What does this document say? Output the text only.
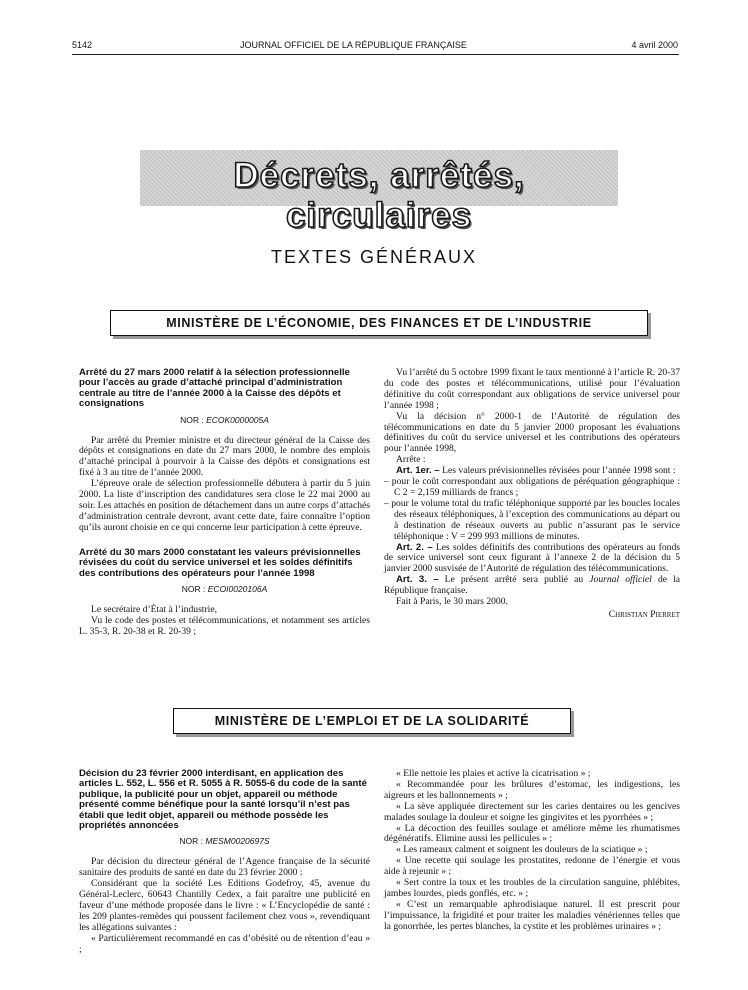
5142	JOURNAL OFFICIEL DE LA RÉPUBLIQUE FRANÇAISE	4 avril 2000
Décrets, arrêtés, circulaires
TEXTES GÉNÉRAUX
MINISTÈRE DE L’ÉCONOMIE, DES FINANCES ET DE L’INDUSTRIE
Arrêté du 27 mars 2000 relatif à la sélection professionnelle pour l’accès au grade d’attaché principal d’administration centrale au titre de l’année 2000 à la Caisse des dépôts et consignations
NOR : ECOK0000005A

Par arrêté du Premier ministre et du directeur général de la Caisse des dépôts et consignations en date du 27 mars 2000, le nombre des emplois d’attaché principal à pourvoir à la Caisse des dépôts et consignations est fixé à 3 au titre de l’année 2000.

L’épreuve orale de sélection professionnelle débutera à partir du 5 juin 2000. La liste d’inscription des candidatures sera close le 22 mai 2000 au soir. Les attachés en position de détachement dans un autre corps d’attachés d’administration centrale devront, avant cette date, faire connaître l’option qu’ils auront choisie en ce qui concerne leur participation à cette épreuve.

Arrêté du 30 mars 2000 constatant les valeurs prévisionnelles révisées du coût du service universel et les soldes définitifs des contributions des opérateurs pour l’année 1998
NOR : ECOI0020106A

Le secrétaire d’État à l’industrie,

Vu le code des postes et télécommunications, et notamment ses articles L. 35-3, R. 20-38 et R. 20-39 ;

Vu l’arrêté du 5 octobre 1999 fixant le taux mentionné à l’article R. 20-37 du code des postes et télécommunications, utilisé pour l’évaluation définitive du coût correspondant aux obligations de service universel pour l’année 1998 ;

Vu la décision n° 2000-1 de l’Autorité de régulation des télécommunications en date du 5 janvier 2000 proposant les évaluations définitives du coût du service universel et les contributions des opérateurs pour l’année 1998,

Arrête :

Art. 1er. – Les valeurs prévisionnelles révisées pour l’année 1998 sont :

– pour le coût correspondant aux obligations de péréquation géographique : C 2 = 2,159 milliards de francs ;
– pour le volume total du trafic téléphonique supporté par les boucles locales des réseaux téléphoniques, à l’exception des communications au départ ou à destination de réseaux ouverts au public n’assurant pas le service téléphonique : V = 299 993 millions de minutes.

Art. 2. – Les soldes définitifs des contributions des opérateurs au fonds de service universel sont ceux figurant à l’annexe 2 de la décision du 5 janvier 2000 susvisée de l’Autorité de régulation des télécommunications.

Art. 3. – Le présent arrêté sera publié au Journal officiel de la République française.

Fait à Paris, le 30 mars 2000.

Christian Pierret
MINISTÈRE DE L’EMPLOI ET DE LA SOLIDARITÉ
Décision du 23 février 2000 interdisant, en application des articles L. 552, L. 556 et R. 5055 à R. 5055-6 du code de la santé publique, la publicité pour un objet, appareil ou méthode présenté comme bénéfique pour la santé lorsqu’il n’est pas établi que ledit objet, appareil ou méthode possède les propriétés annoncées
NOR : MESM0020697S

Par décision du directeur général de l’Agence française de la sécurité sanitaire des produits de santé en date du 23 février 2000 :

Considérant que la société Les Editions Godefroy, 45, avenue du Général-Leclerc, 60643 Chantilly Cedex, a fait paraître une publicité en faveur d’une méthode proposée dans le livre : « L’Encyclopédie de santé : les 209 plantes-remèdes qui poussent facilement chez vous », revendiquant les allégations suivantes :

« Particulièrement recommandé en cas d’obésité ou de rétention d’eau » ;

« Elle nettoie les plaies et active la cicatrisation » ;

« Recommandée pour les brûlures d’estomac, les indigestions, les aigreurs et les ballonnements » ;

« La sève appliquée directement sur les caries dentaires ou les gencives malades soulage la douleur et soigne les gingivites et les pyorrhées » ;

« La décoction des feuilles soulage et améliore même les rhumatismes dégénératifs. Elimine aussi les pellicules » ;

« Les rameaux calment et soignent les douleurs de la sciatique » ;

« Une recette qui soulage les prostatites, redonne de l’énergie et vous aide à rejeunir » ;

« Sert contre la toux et les troubles de la circulation sanguine, phlébites, jambes lourdes, pieds gonflés, etc. » ;

« C’est un remarquable aphrodisiaque naturel. Il est prescrit pour l’impuissance, la frigidité et pour traiter les maladies vénériennes telles que la gonorrhée, les pertes blanches, la cystite et les problèmes urinaires » ;
